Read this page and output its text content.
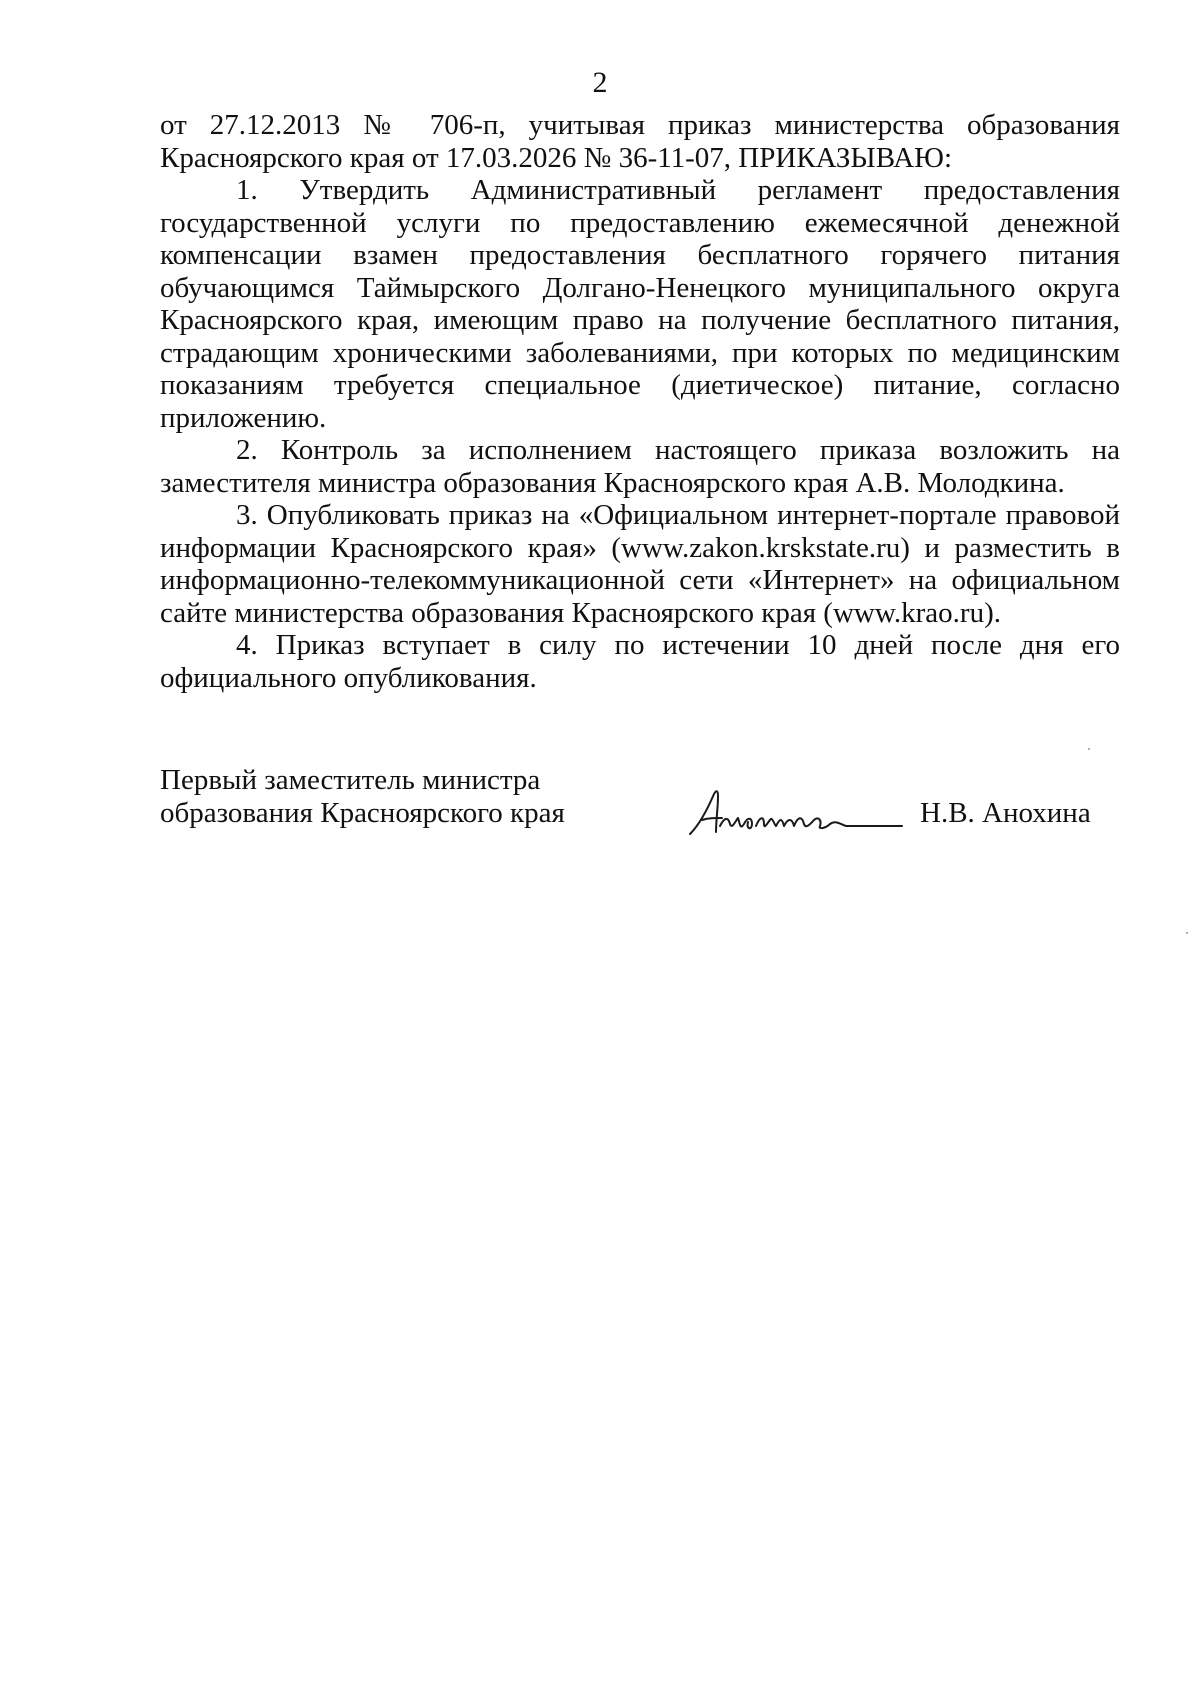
2

от 27.12.2013 № 706-п, учитывая приказ министерства образования Красноярского края от 17.03.2026 № 36-11-07, ПРИКАЗЫВАЮ:

1. Утвердить Административный регламент предоставления государственной услуги по предоставлению ежемесячной денежной компенсации взамен предоставления бесплатного горячего питания обучающимся Таймырского Долгано-Ненецкого муниципального округа Красноярского края, имеющим право на получение бесплатного питания, страдающим хроническими заболеваниями, при которых по медицинским показаниям требуется специальное (диетическое) питание, согласно приложению.

2. Контроль за исполнением настоящего приказа возложить на заместителя министра образования Красноярского края А.В. Молодкина.

3. Опубликовать приказ на «Официальном интернет-портале правовой информации Красноярского края» (www.zakon.krskstate.ru) и разместить в информационно-телекоммуникационной сети «Интернет» на официальном сайте министерства образования Красноярского края (www.krao.ru).

4. Приказ вступает в силу по истечении 10 дней после дня его официального опубликования.

Первый заместитель министра
образования Красноярского края	Н.В. Анохина
